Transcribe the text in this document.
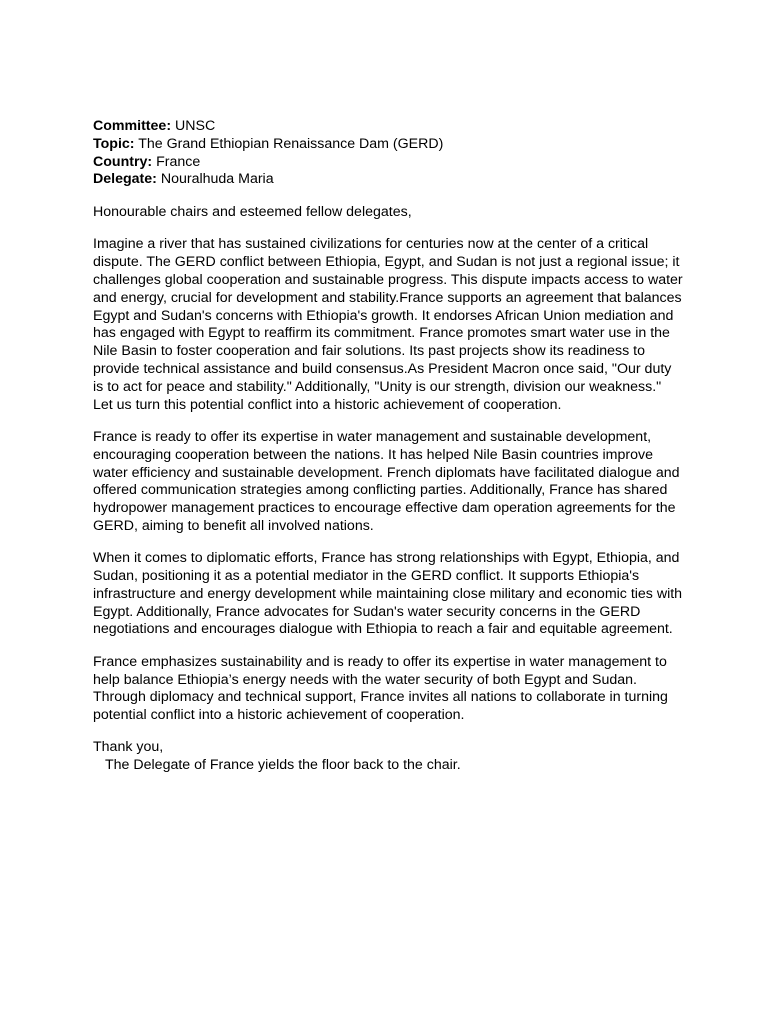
Committee: UNSC

Topic: The Grand Ethiopian Renaissance Dam (GERD)

Country: France

Delegate: Nouralhuda Maria

Honourable chairs and esteemed fellow delegates,

Imagine a river that has sustained civilizations for centuries now at the center of a critical dispute. The GERD conflict between Ethiopia, Egypt, and Sudan is not just a regional issue; it challenges global cooperation and sustainable progress. This dispute impacts access to water and energy, crucial for development and stability.France supports an agreement that balances Egypt and Sudan's concerns with Ethiopia's growth. It endorses African Union mediation and has engaged with Egypt to reaffirm its commitment. France promotes smart water use in the Nile Basin to foster cooperation and fair solutions. Its past projects show its readiness to provide technical assistance and build consensus.As President Macron once said, "Our duty is to act for peace and stability." Additionally, "Unity is our strength, division our weakness." Let us turn this potential conflict into a historic achievement of cooperation.

France is ready to offer its expertise in water management and sustainable development, encouraging cooperation between the nations. It has helped Nile Basin countries improve water efficiency and sustainable development. French diplomats have facilitated dialogue and offered communication strategies among conflicting parties. Additionally, France has shared hydropower management practices to encourage effective dam operation agreements for the GERD, aiming to benefit all involved nations.

When it comes to diplomatic efforts, France has strong relationships with Egypt, Ethiopia, and Sudan, positioning it as a potential mediator in the GERD conflict. It supports Ethiopia's infrastructure and energy development while maintaining close military and economic ties with Egypt. Additionally, France advocates for Sudan's water security concerns in the GERD negotiations and encourages dialogue with Ethiopia to reach a fair and equitable agreement.

France emphasizes sustainability and is ready to offer its expertise in water management to help balance Ethiopia’s energy needs with the water security of both Egypt and Sudan. Through diplomacy and technical support, France invites all nations to collaborate in turning potential conflict into a historic achievement of cooperation.

Thank you,

The Delegate of France yields the floor back to the chair.
